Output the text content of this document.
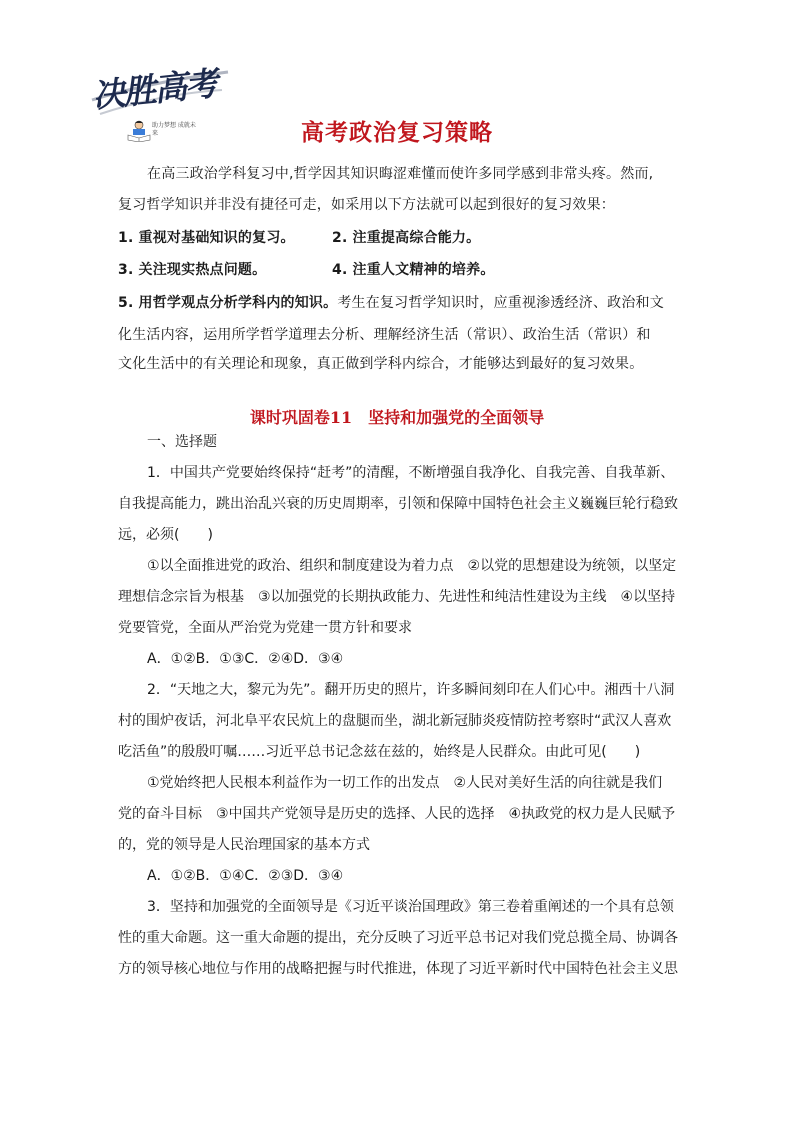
决胜高考
助力梦想 成就未来	高考政治复习策略
在高三政治学科复习中,哲学因其知识晦涩难懂而使许多同学感到非常头疼。然而,
复习哲学知识并非没有捷径可走，如采用以下方法就可以起到很好的复习效果：
1. 重视对基础知识的复习。	2. 注重提高综合能力。
3. 关注现实热点问题。	4. 注重人文精神的培养。
5. 用哲学观点分析学科内的知识。考生在复习哲学知识时，应重视渗透经济、政治和文
化生活内容，运用所学哲学道理去分析、理解经济生活（常识）、政治生活（常识）和
文化生活中的有关理论和现象，真正做到学科内综合，才能够达到最好的复习效果。
课时巩固卷11　坚持和加强党的全面领导
一、选择题
1．中国共产党要始终保持“赶考”的清醒，不断增强自我净化、自我完善、自我革新、
自我提高能力，跳出治乱兴衰的历史周期率，引领和保障中国特色社会主义巍巍巨轮行稳致
远，必须(　　)
①以全面推进党的政治、组织和制度建设为着力点　②以党的思想建设为统领，以坚定
理想信念宗旨为根基　③以加强党的长期执政能力、先进性和纯洁性建设为主线　④以坚持
党要管党，全面从严治党为党建一贯方针和要求
A．①②B．①③C．②④D．③④
2．“天地之大，黎元为先”。翻开历史的照片，许多瞬间刻印在人们心中。湘西十八洞
村的围炉夜话，河北阜平农民炕上的盘腿而坐，湖北新冠肺炎疫情防控考察时“武汉人喜欢
吃活鱼”的殷殷叮嘱……习近平总书记念兹在兹的，始终是人民群众。由此可见(　　)
①党始终把人民根本利益作为一切工作的出发点　②人民对美好生活的向往就是我们
党的奋斗目标　③中国共产党领导是历史的选择、人民的选择　④执政党的权力是人民赋予
的，党的领导是人民治理国家的基本方式
A．①②B．①④C．②③D．③④
3．坚持和加强党的全面领导是《习近平谈治国理政》第三卷着重阐述的一个具有总领
性的重大命题。这一重大命题的提出，充分反映了习近平总书记对我们党总揽全局、协调各
方的领导核心地位与作用的战略把握与时代推进，体现了习近平新时代中国特色社会主义思
